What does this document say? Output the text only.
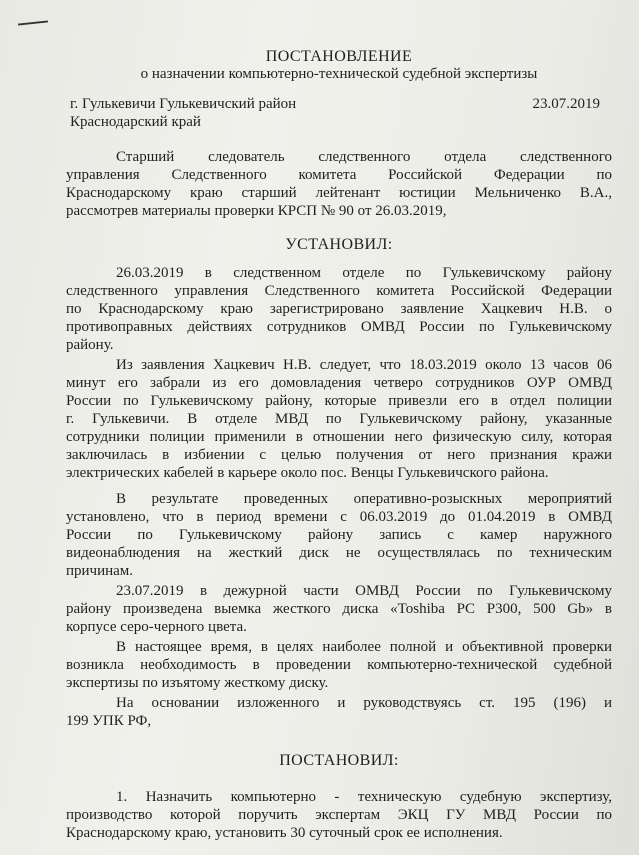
ПОСТАНОВЛЕНИЕ
о назначении компьютерно-технической судебной экспертизы
г. Гулькевичи Гулькевичский район	23.07.2019
Краснодарский край
Старший следователь следственного отдела следственного
управления Следственного комитета Российской Федерации по
Краснодарскому краю старший лейтенант юстиции Мельниченко В.А.,
рассмотрев материалы проверки КРСП № 90 от 26.03.2019,
УСТАНОВИЛ:
26.03.2019 в следственном отделе по Гулькевичскому району
следственного управления Следственного комитета Российской Федерации
по Краснодарскому краю зарегистрировано заявление Хацкевич Н.В. о
противоправных действиях сотрудников ОМВД России по Гулькевичскому
району.
Из заявления Хацкевич Н.В. следует, что 18.03.2019 около 13 часов 06
минут его забрали из его домовладения четверо сотрудников ОУР ОМВД
России по Гулькевичскому району, которые привезли его в отдел полиции
г. Гулькевичи. В отделе МВД по Гулькевичскому району, указанные
сотрудники полиции применили в отношении него физическую силу, которая
заключилась в избиении с целью получения от него признания кражи
электрических кабелей в карьере около пос. Венцы Гулькевичского района.
В результате проведенных оперативно-розыскных мероприятий
установлено, что в период времени с 06.03.2019 до 01.04.2019 в ОМВД
России по Гулькевичскому району запись с камер наружного
видеонаблюдения на жесткий диск не осуществлялась по техническим
причинам.
23.07.2019 в дежурной части ОМВД России по Гулькевичскому
району произведена выемка жесткого диска «Toshiba PC P300, 500 Gb» в
корпусе серо-черного цвета.
В настоящее время, в целях наиболее полной и объективной проверки
возникла необходимость в проведении компьютерно-технической судебной
экспертизы по изъятому жесткому диску.
На основании изложенного и руководствуясь ст. 195 (196) и
199 УПК РФ,
ПОСТАНОВИЛ:
1. Назначить компьютерно - техническую судебную экспертизу,
производство которой поручить экспертам ЭКЦ ГУ МВД России по
Краснодарскому краю, установить 30 суточный срок ее исполнения.
